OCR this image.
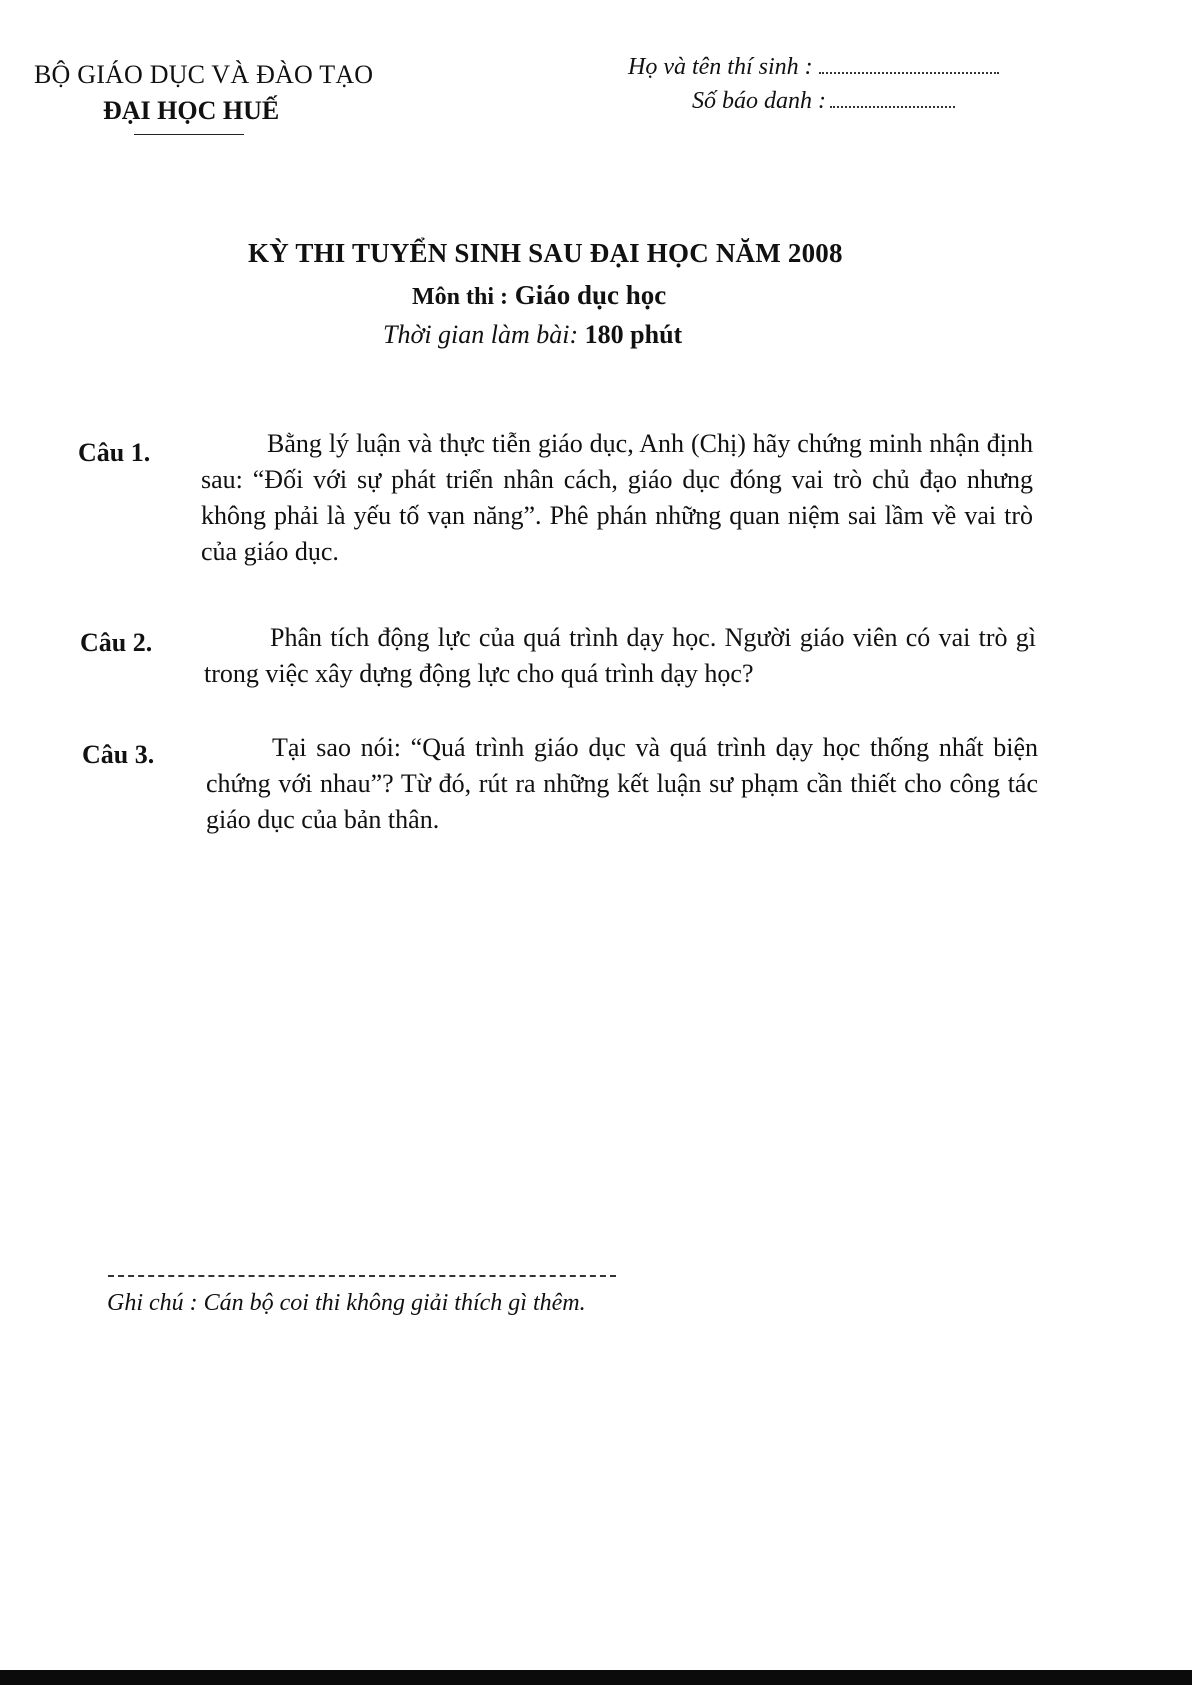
BỘ GIÁO DỤC VÀ ĐÀO TẠO
ĐẠI HỌC HUẾ
Họ và tên thí sinh :
Số báo danh :
KỲ THI TUYỂN SINH SAU ĐẠI HỌC NĂM 2008
Môn thi : Giáo dục học
Thời gian làm bài: 180 phút
Câu 1.	Bằng lý luận và thực tiễn giáo dục, Anh (Chị) hãy chứng minh nhận định sau: “Đối với sự phát triển nhân cách, giáo dục đóng vai trò chủ đạo nhưng không phải là yếu tố vạn năng”. Phê phán những quan niệm sai lầm về vai trò của giáo dục.
Câu 2.	Phân tích động lực của quá trình dạy học. Người giáo viên có vai trò gì trong việc xây dựng động lực cho quá trình dạy học?
Câu 3.	Tại sao nói: “Quá trình giáo dục và quá trình dạy học thống nhất biện chứng với nhau”? Từ đó, rút ra những kết luận sư phạm cần thiết cho công tác giáo dục của bản thân.
Ghi chú : Cán bộ coi thi không giải thích gì thêm.
